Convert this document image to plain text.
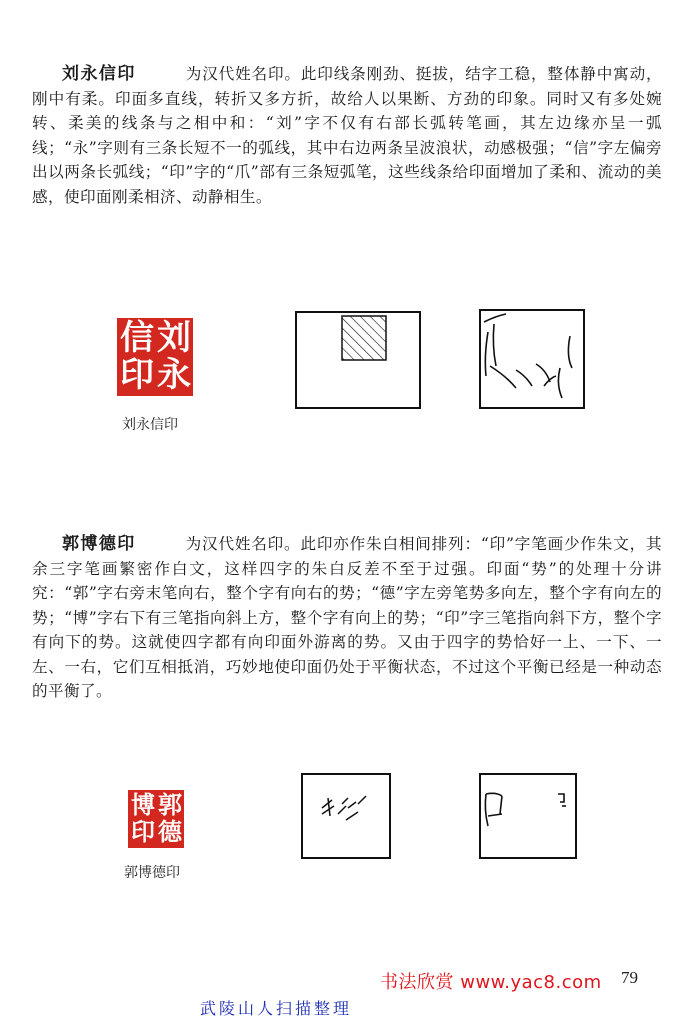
刘永信印	为汉代姓名印。此印线条刚劲、挺拔，结字工稳，整体静中寓动，刚中有柔。印面多直线，转折又多方折，故给人以果断、方劲的印象。同时又有多处婉转、柔美的线条与之相中和：“刘”字不仅有右部长弧转笔画，其左边缘亦呈一弧线；“永”字则有三条长短不一的弧线，其中右边两条呈波浪状，动感极强；“信”字左偏旁出以两条长弧线；“印”字的“爪”部有三条短弧笔，这些线条给印面增加了柔和、流动的美感，使印面刚柔相济、动静相生。

刘
永
信
印
刘永信印

郭博德印	为汉代姓名印。此印亦作朱白相间排列：“印”字笔画少作朱文，其余三字笔画繁密作白文，这样四字的朱白反差不至于过强。印面“势”的处理十分讲究：“郭”字右旁末笔向右，整个字有向右的势；“德”字左旁笔势多向左，整个字有向左的势；“博”字右下有三笔指向斜上方，整个字有向上的势；“印”字三笔指向斜下方，整个字有向下的势。这就使四字都有向印面外游离的势。又由于四字的势恰好一上、一下、一左、一右，它们互相抵消，巧妙地使印面仍处于平衡状态，不过这个平衡已经是一种动态的平衡了。

郭
博
德
印
郭博德印
书法欣赏 www.yac8.com 79
武陵山人扫描整理
